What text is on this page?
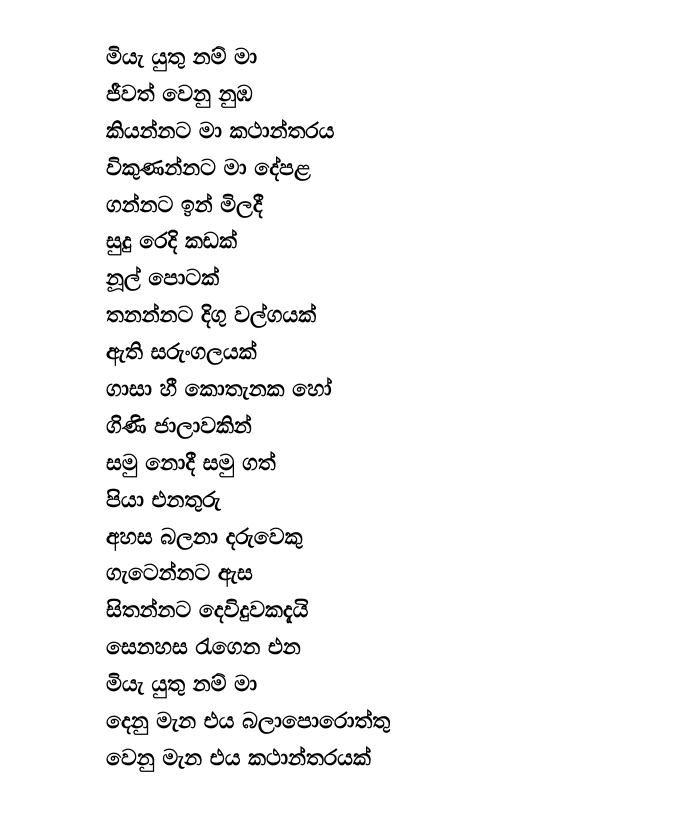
මියැ යුතු නම් මා
ජීවත් වෙනු නුඹ
කියන්නට මා කථාන්තරය
විකුණන්නට මා දේපළ
ගන්නට ඉන් මිලදී
සුදු රෙදි කඩක්
නූල් පොටක්
තනන්නට දිගු වල්ගයක්
ඇති සරුංගලයක්
ගාසා හී කොතැනක හෝ
ගිණි ජාලාවකින්
සමු නොදී සමු ගත්
පියා එනතුරු
අහස බලනා දරුවෙකු
ගැටෙන්නට ඇස
සිතන්නට දෙවිදුවකදැයි
සෙනහස රැගෙන එන
මියැ යුතු නම් මා
දෙනු මැන එය බලාපොරොත්තු
වෙනු මැන එය කථාන්තරයක්
